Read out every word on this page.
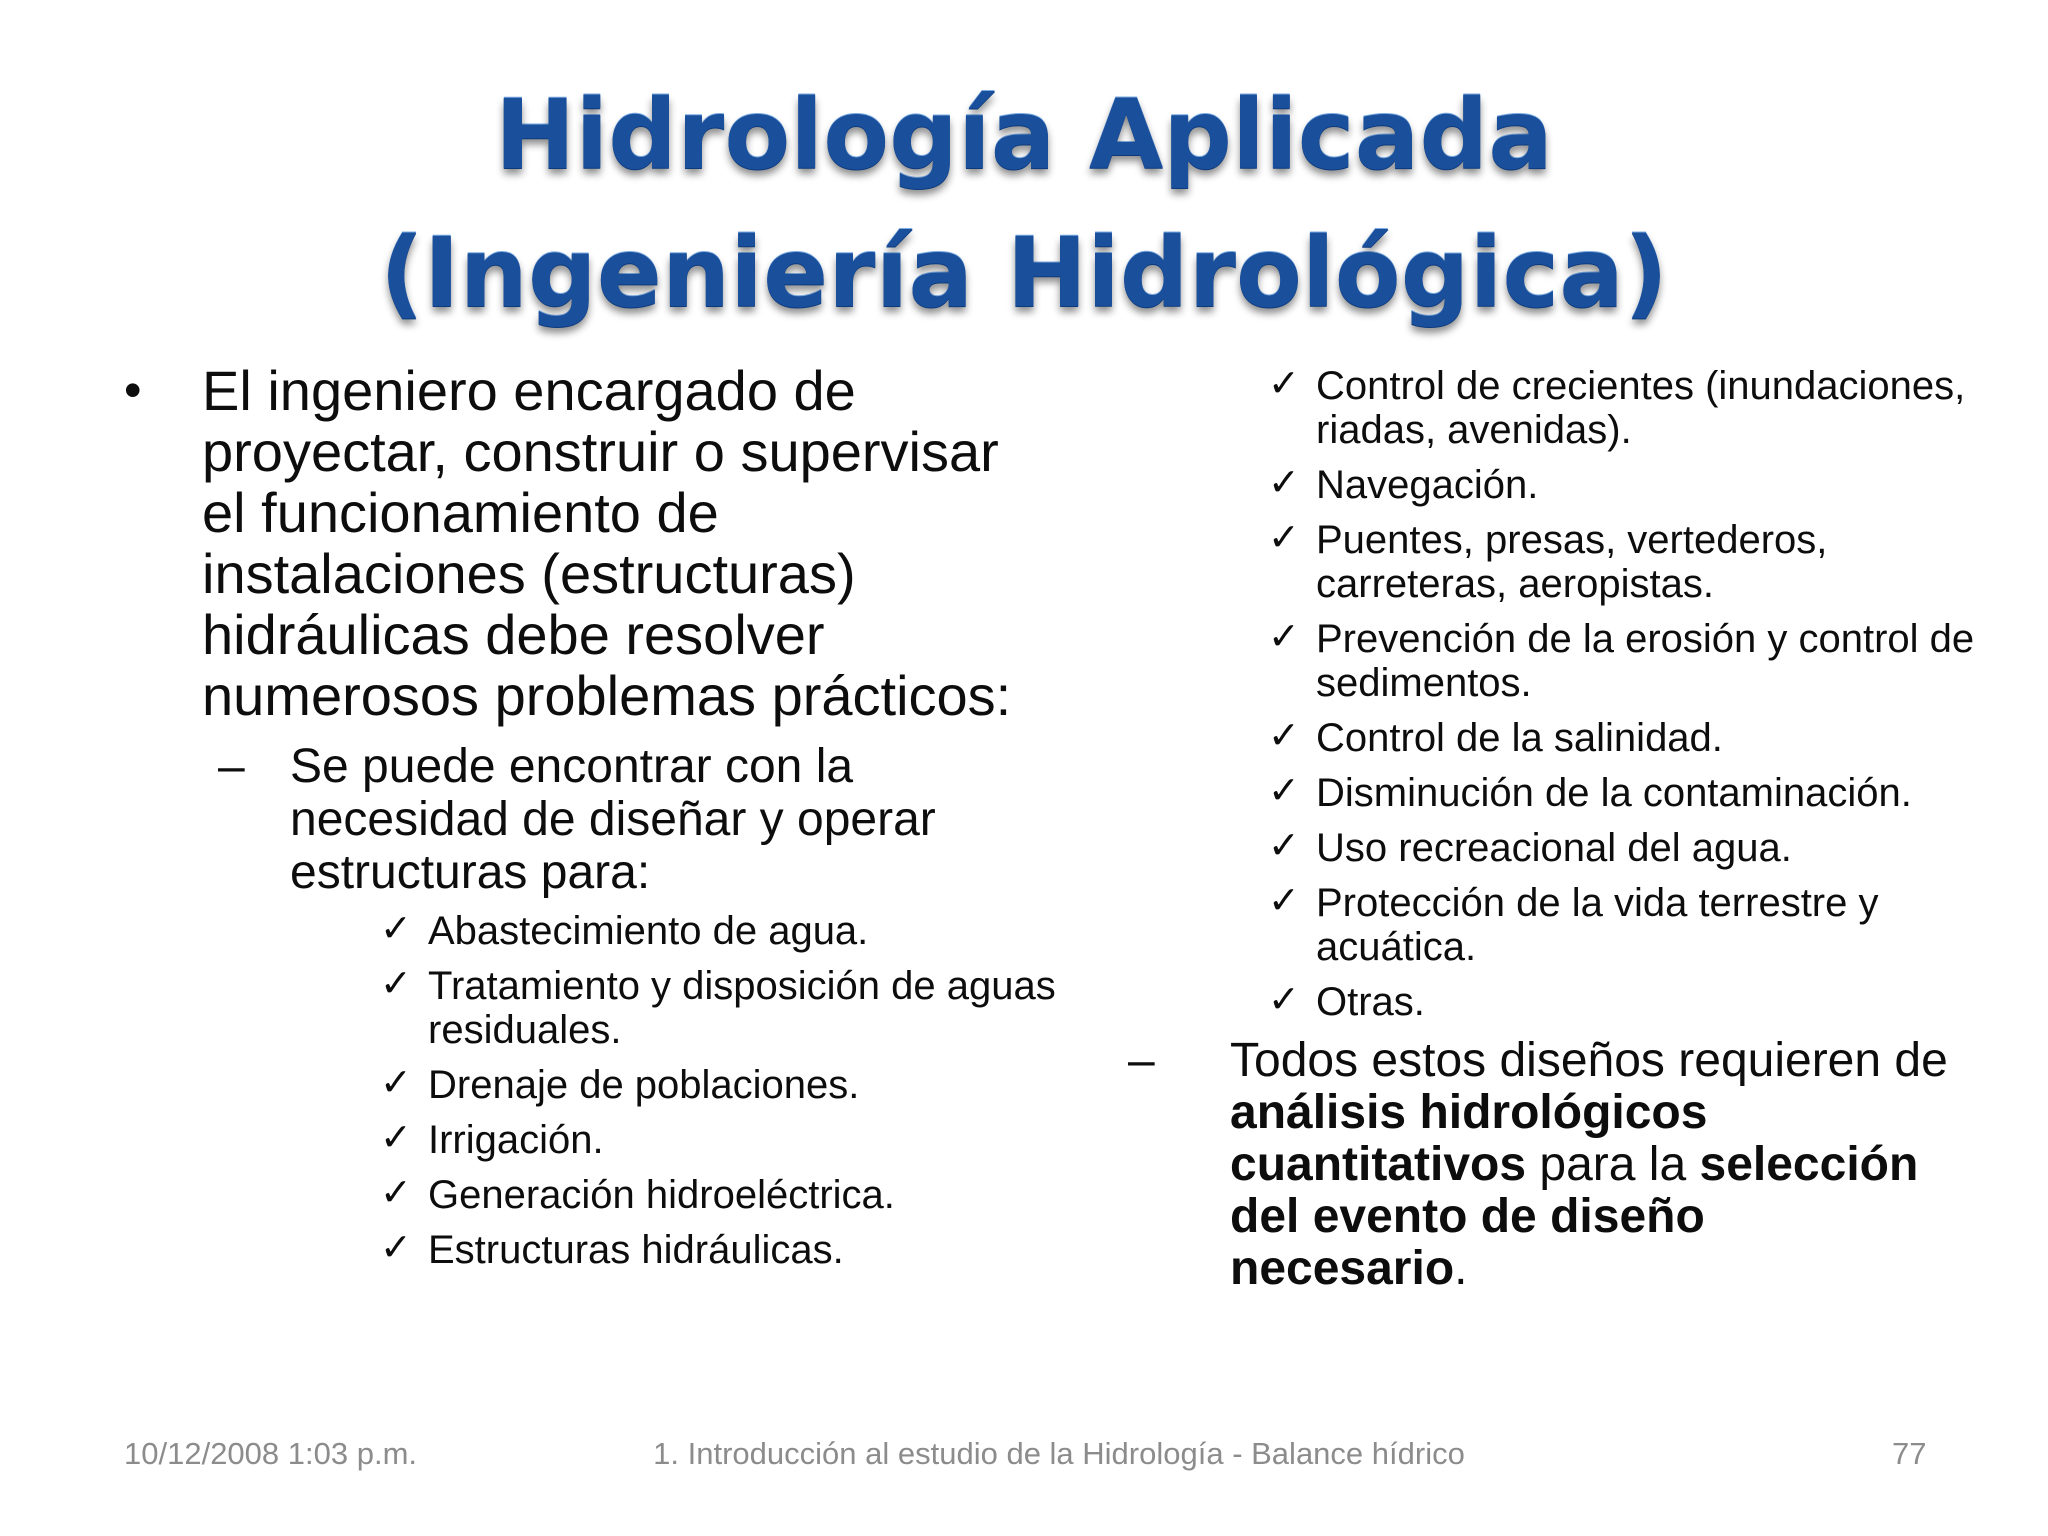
Hidrología Aplicada
(Ingeniería Hidrológica)
• El ingeniero encargado de proyectar, construir o supervisar el funcionamiento de instalaciones (estructuras) hidráulicas debe resolver numerosos problemas prácticos:
– Se puede encontrar con la necesidad de diseñar y operar estructuras para:
✓ Abastecimiento de agua.
✓ Tratamiento y disposición de aguas residuales.
✓ Drenaje de poblaciones.
✓ Irrigación.
✓ Generación hidroeléctrica.
✓ Estructuras hidráulicas.
✓ Control de crecientes (inundaciones, riadas, avenidas).
✓ Navegación.
✓ Puentes, presas, vertederos, carreteras, aeropistas.
✓ Prevención de la erosión y control de sedimentos.
✓ Control de la salinidad.
✓ Disminución de la contaminación.
✓ Uso recreacional del agua.
✓ Protección de la vida terrestre y acuática.
✓ Otras.
– Todos estos diseños requieren de análisis hidrológicos cuantitativos para la selección del evento de diseño necesario.
10/12/2008 1:03 p.m.	1. Introducción al estudio de la Hidrología - Balance hídrico	77
